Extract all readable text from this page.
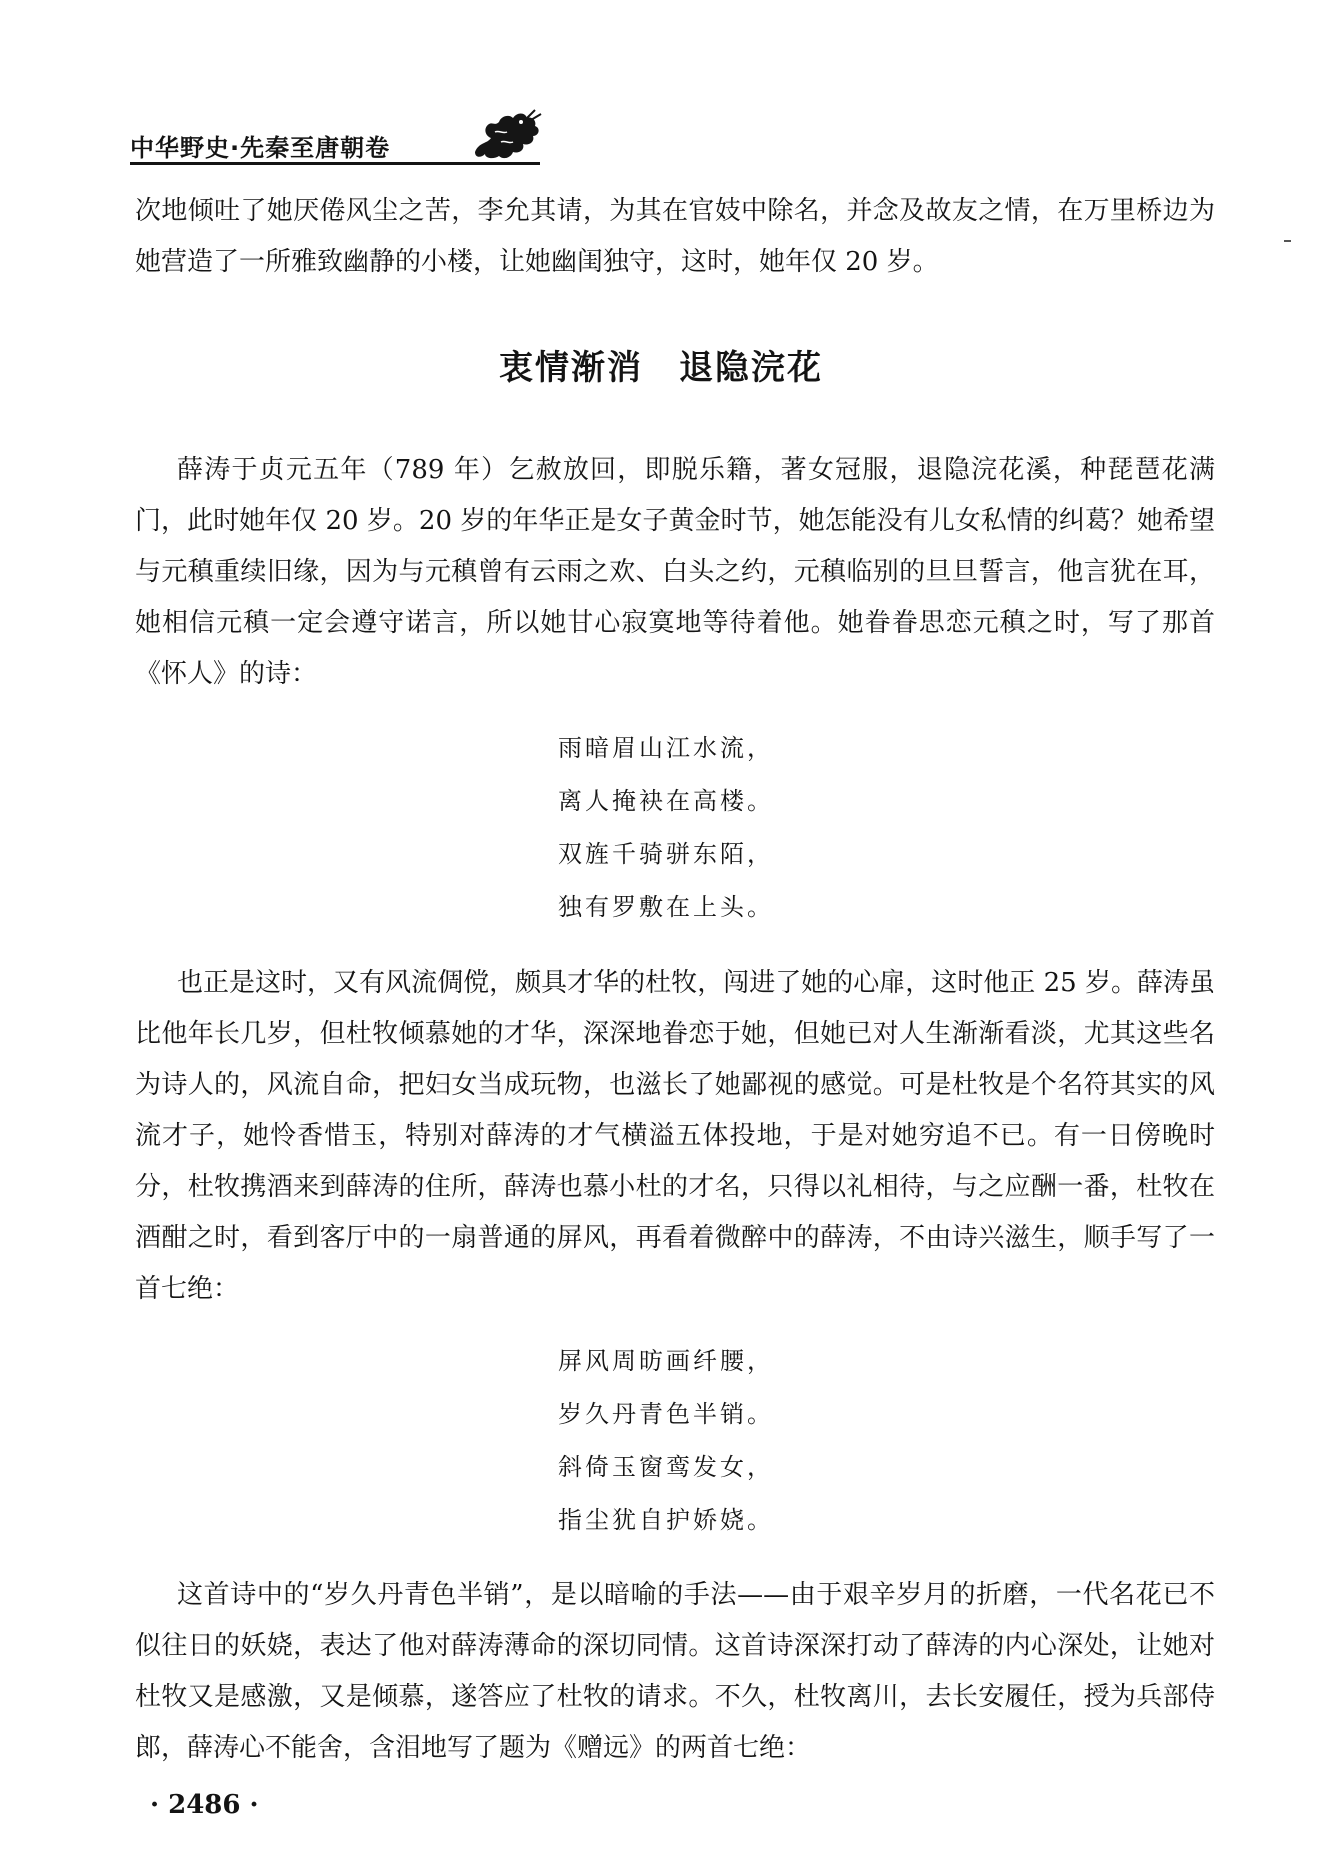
中华野史·先秦至唐朝卷
次地倾吐了她厌倦风尘之苦，李允其请，为其在官妓中除名，并念及故友之情，在万里桥边为她营造了一所雅致幽静的小楼，让她幽闺独守，这时，她年仅 20 岁。
衷情渐消　退隐浣花
薛涛于贞元五年（789 年）乞赦放回，即脱乐籍，著女冠服，退隐浣花溪，种琵琶花满门，此时她年仅 20 岁。20 岁的年华正是女子黄金时节，她怎能没有儿女私情的纠葛？她希望与元稹重续旧缘，因为与元稹曾有云雨之欢、白头之约，元稹临别的旦旦誓言，他言犹在耳，她相信元稹一定会遵守诺言，所以她甘心寂寞地等待着他。她眷眷思恋元稹之时，写了那首《怀人》的诗：
雨暗眉山江水流，
离人掩袂在高楼。
双旌千骑骈东陌，
独有罗敷在上头。
也正是这时，又有风流倜傥，颇具才华的杜牧，闯进了她的心扉，这时他正 25 岁。薛涛虽比他年长几岁，但杜牧倾慕她的才华，深深地眷恋于她，但她已对人生渐渐看淡，尤其这些名为诗人的，风流自命，把妇女当成玩物，也滋长了她鄙视的感觉。可是杜牧是个名符其实的风流才子，她怜香惜玉，特别对薛涛的才气横溢五体投地，于是对她穷追不已。有一日傍晚时分，杜牧携酒来到薛涛的住所，薛涛也慕小杜的才名，只得以礼相待，与之应酬一番，杜牧在酒酣之时，看到客厅中的一扇普通的屏风，再看着微醉中的薛涛，不由诗兴滋生，顺手写了一首七绝：
屏风周昉画纤腰，
岁久丹青色半销。
斜倚玉窗鸾发女，
指尘犹自护娇娆。
这首诗中的“岁久丹青色半销”，是以暗喻的手法——由于艰辛岁月的折磨，一代名花已不似往日的妖娆，表达了他对薛涛薄命的深切同情。这首诗深深打动了薛涛的内心深处，让她对杜牧又是感激，又是倾慕，遂答应了杜牧的请求。不久，杜牧离川，去长安履任，授为兵部侍郎，薛涛心不能舍，含泪地写了题为《赠远》的两首七绝：
· 2486 ·
